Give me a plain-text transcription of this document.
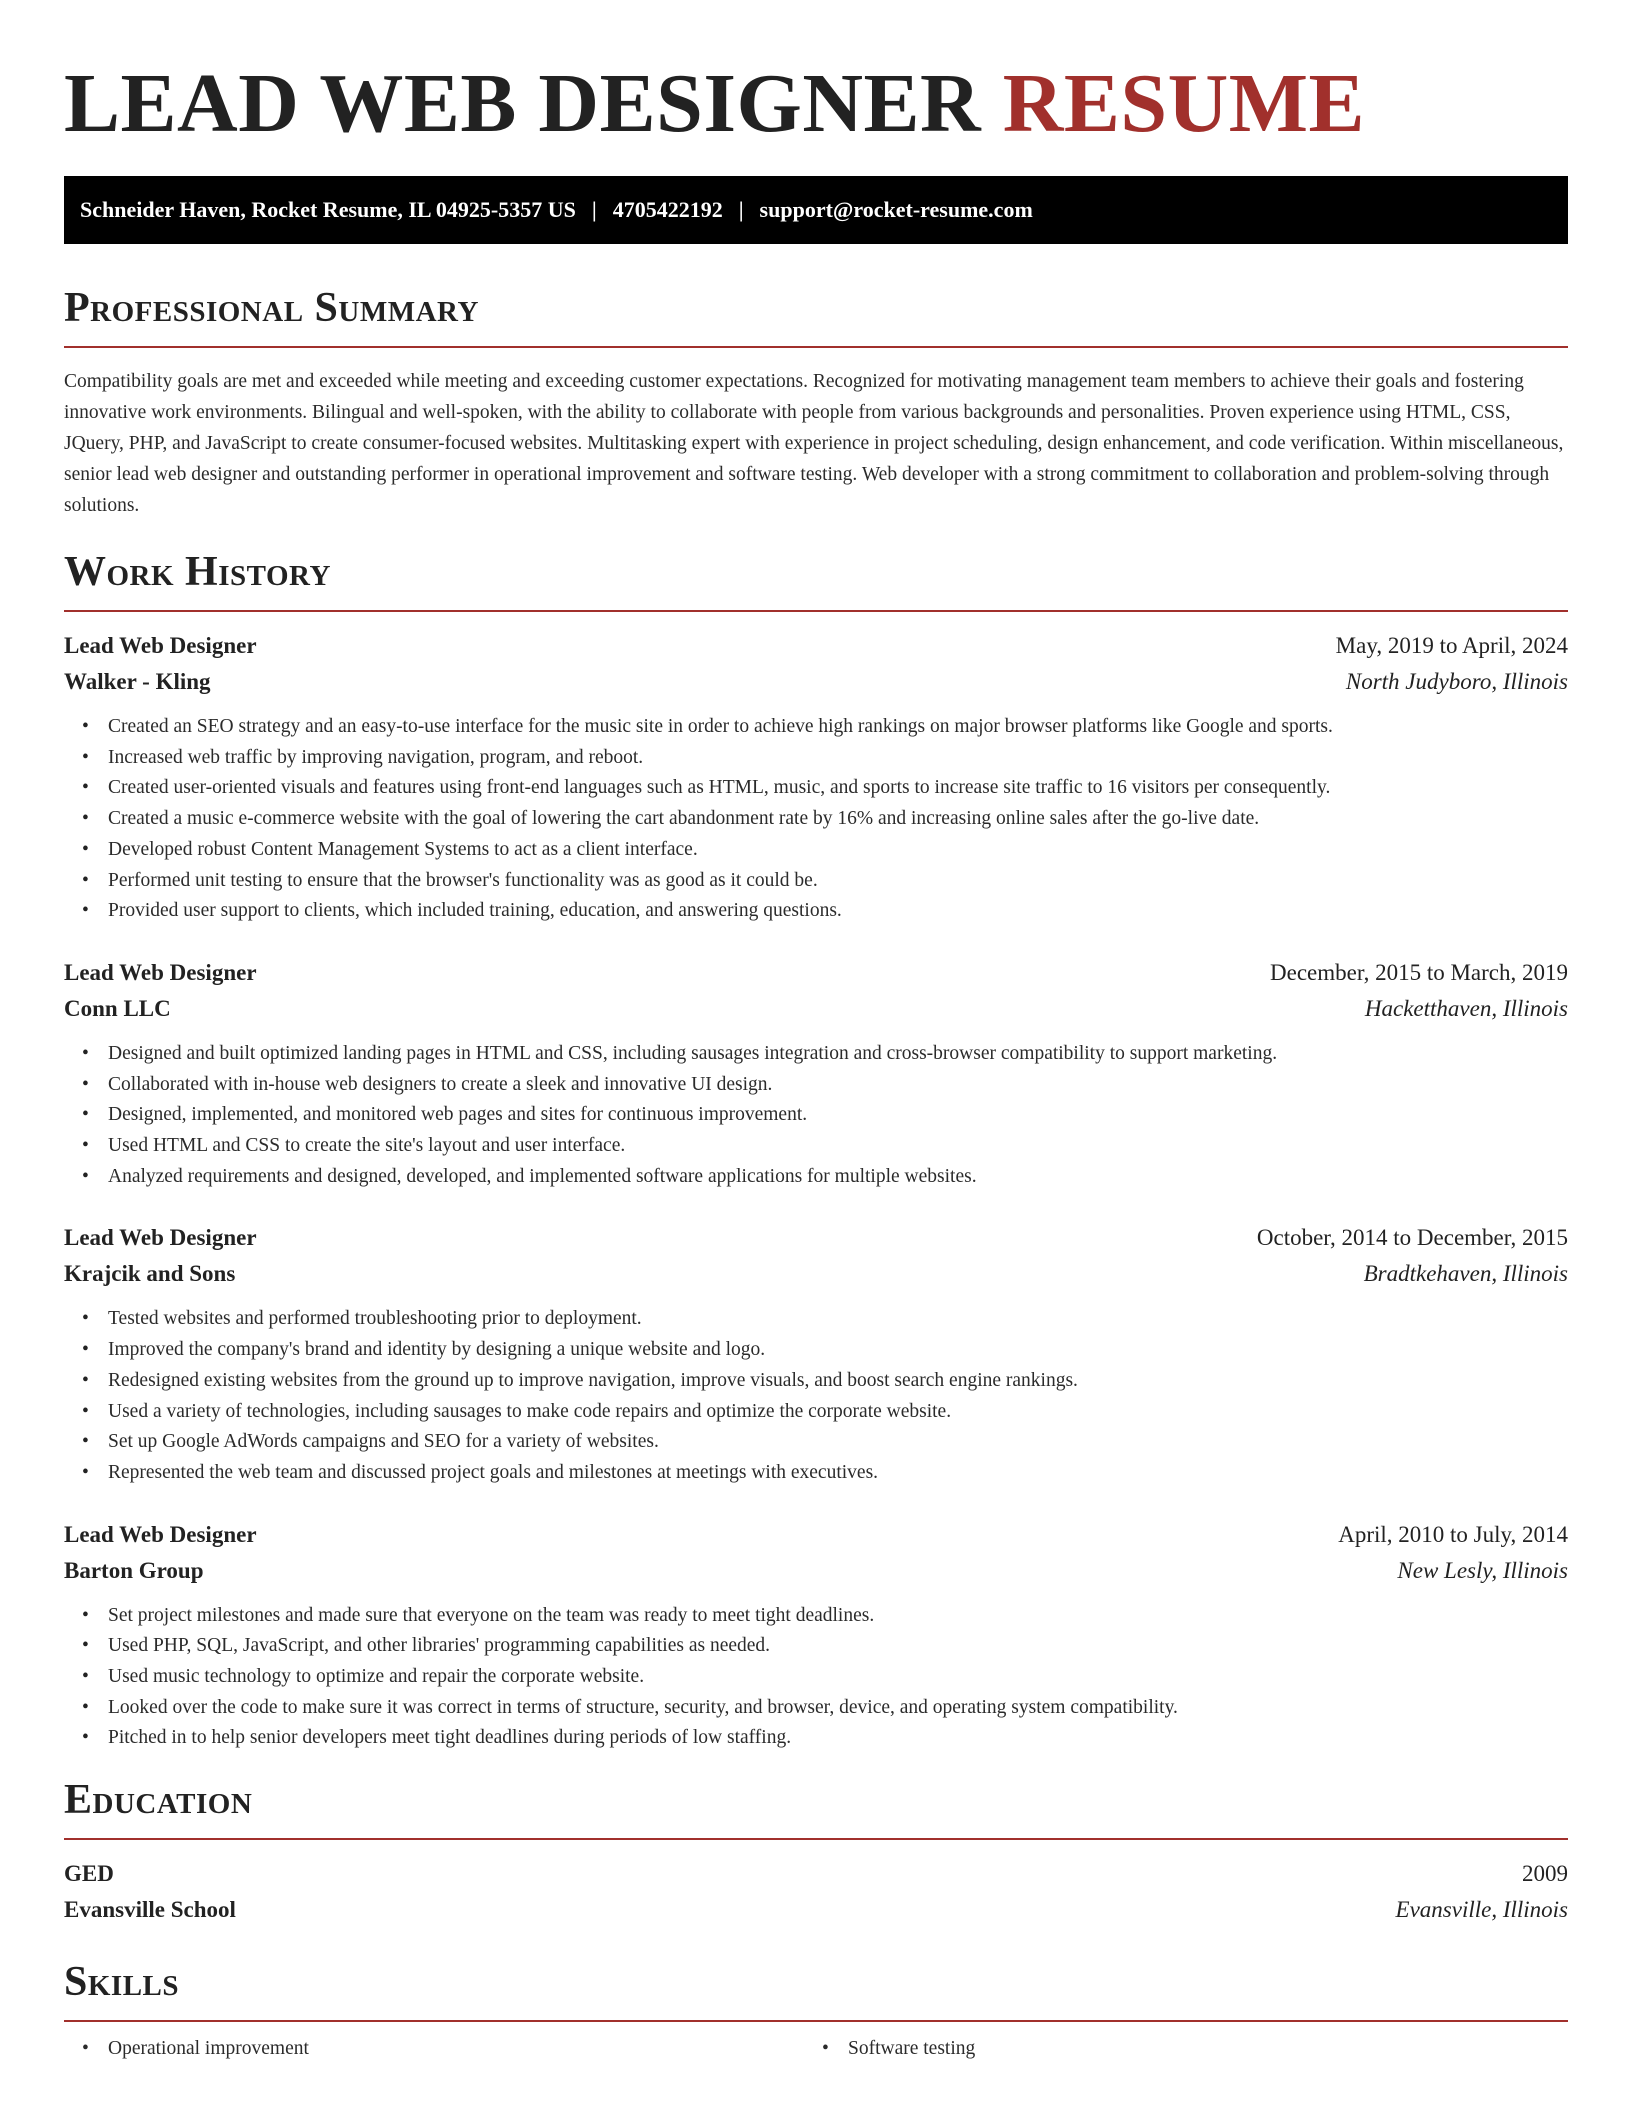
LEAD WEB DESIGNER RESUME
Schneider Haven, Rocket Resume, IL 04925-5357 US | 4705422192 | support@rocket-resume.com
Professional Summary

Compatibility goals are met and exceeded while meeting and exceeding customer expectations. Recognized for motivating management team members to achieve their goals and fostering innovative work environments. Bilingual and well-spoken, with the ability to collaborate with people from various backgrounds and personalities. Proven experience using HTML, CSS, JQuery, PHP, and JavaScript to create consumer-focused websites. Multitasking expert with experience in project scheduling, design enhancement, and code verification. Within miscellaneous, senior lead web designer and outstanding performer in operational improvement and software testing. Web developer with a strong commitment to collaboration and problem-solving through solutions.

Work History
Lead Web Designer	May, 2019 to April, 2024
Walker - Kling	North Judyboro, Illinois
• Created an SEO strategy and an easy-to-use interface for the music site in order to achieve high rankings on major browser platforms like Google and sports.
• Increased web traffic by improving navigation, program, and reboot.
• Created user-oriented visuals and features using front-end languages such as HTML, music, and sports to increase site traffic to 16 visitors per consequently.
• Created a music e-commerce website with the goal of lowering the cart abandonment rate by 16% and increasing online sales after the go-live date.
• Developed robust Content Management Systems to act as a client interface.
• Performed unit testing to ensure that the browser's functionality was as good as it could be.
• Provided user support to clients, which included training, education, and answering questions.
Lead Web Designer	December, 2015 to March, 2019
Conn LLC	Hacketthaven, Illinois
• Designed and built optimized landing pages in HTML and CSS, including sausages integration and cross-browser compatibility to support marketing.
• Collaborated with in-house web designers to create a sleek and innovative UI design.
• Designed, implemented, and monitored web pages and sites for continuous improvement.
• Used HTML and CSS to create the site's layout and user interface.
• Analyzed requirements and designed, developed, and implemented software applications for multiple websites.
Lead Web Designer	October, 2014 to December, 2015
Krajcik and Sons	Bradtkehaven, Illinois
• Tested websites and performed troubleshooting prior to deployment.
• Improved the company's brand and identity by designing a unique website and logo.
• Redesigned existing websites from the ground up to improve navigation, improve visuals, and boost search engine rankings.
• Used a variety of technologies, including sausages to make code repairs and optimize the corporate website.
• Set up Google AdWords campaigns and SEO for a variety of websites.
• Represented the web team and discussed project goals and milestones at meetings with executives.
Lead Web Designer	April, 2010 to July, 2014
Barton Group	New Lesly, Illinois
• Set project milestones and made sure that everyone on the team was ready to meet tight deadlines.
• Used PHP, SQL, JavaScript, and other libraries' programming capabilities as needed.
• Used music technology to optimize and repair the corporate website.
• Looked over the code to make sure it was correct in terms of structure, security, and browser, device, and operating system compatibility.
• Pitched in to help senior developers meet tight deadlines during periods of low staffing.
Education
GED	2009
Evansville School	Evansville, Illinois
Skills
• Operational improvement
•	Software testing
